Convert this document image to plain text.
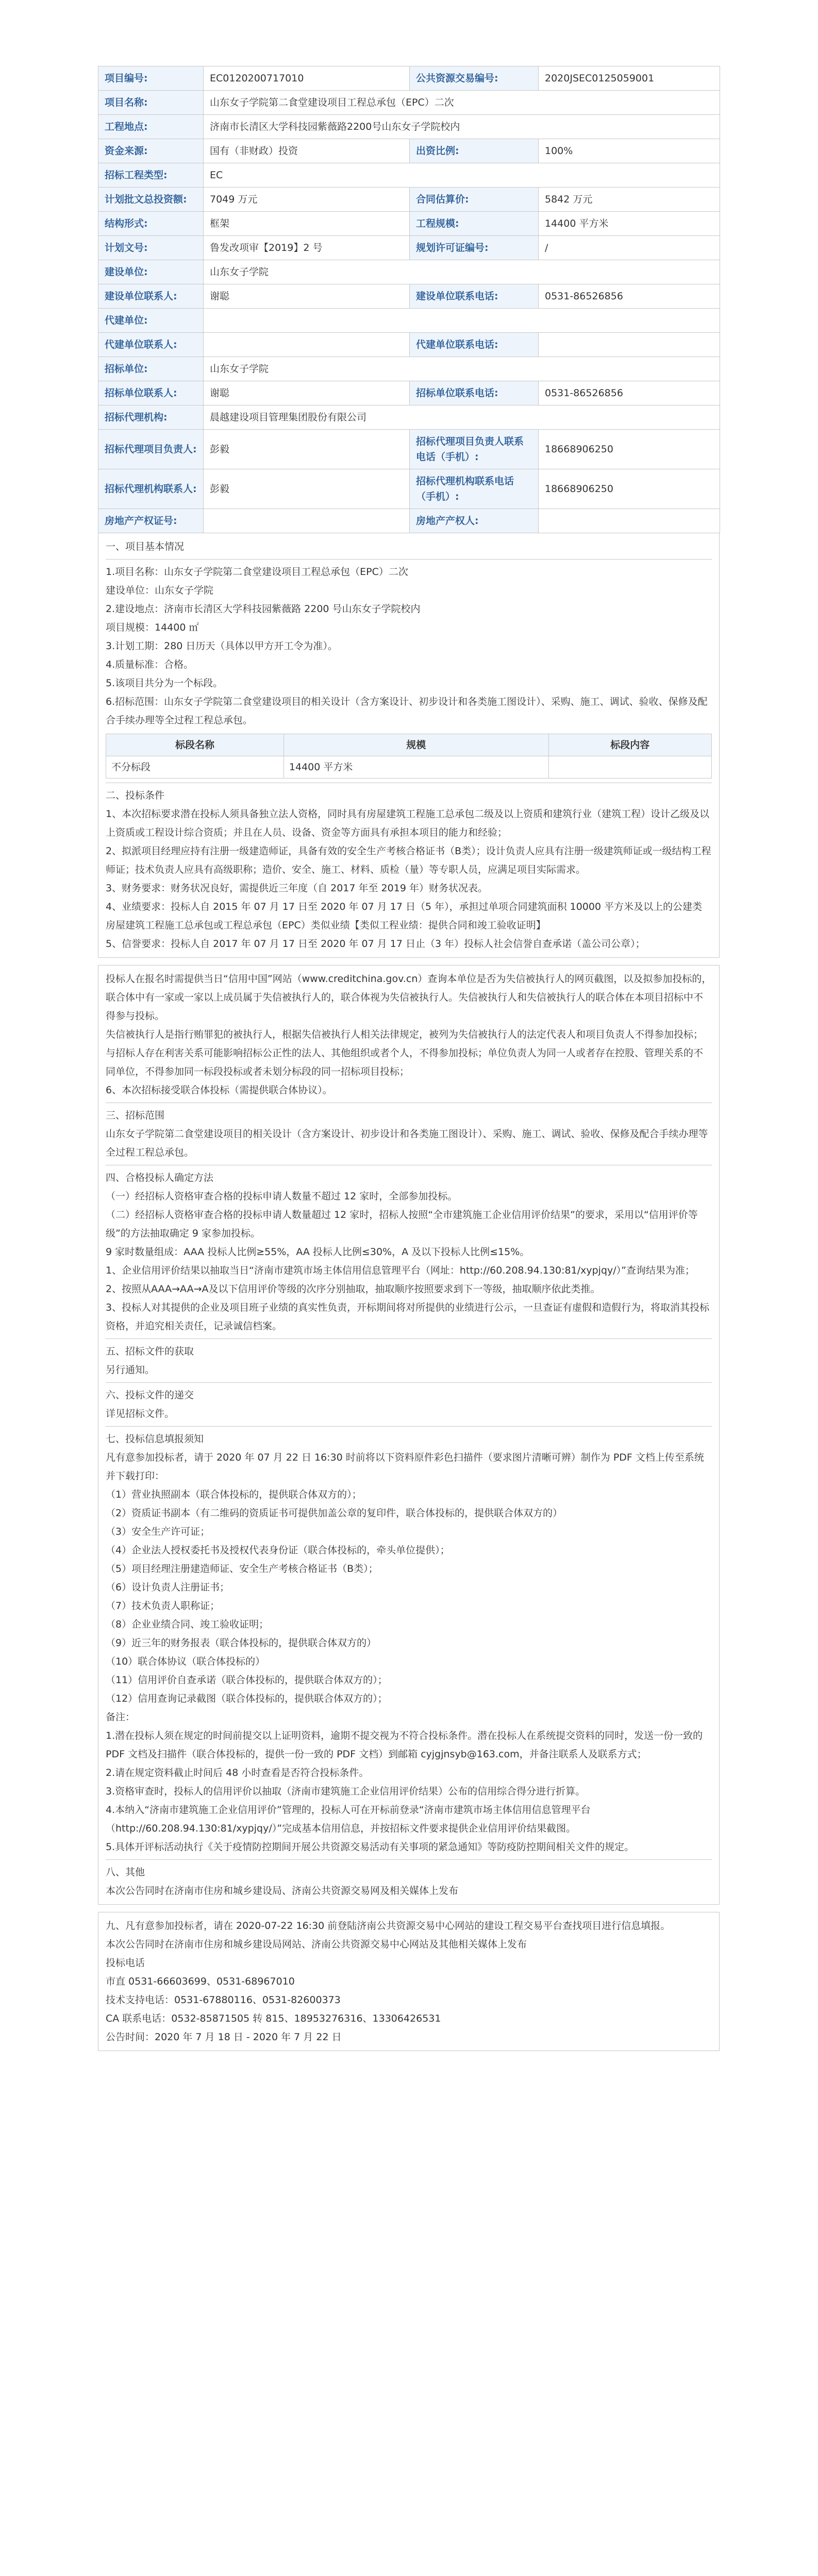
项目编号:	EC0120200717010	公共资源交易编号:	2020JSEC0125059001
项目名称:	山东女子学院第二食堂建设项目工程总承包（EPC）二次		
工程地点:	济南市长清区大学科技园紫薇路2200号山东女子学院校内		
资金来源:	国有（非财政）投资	出资比例:	100%
招标工程类型:	EC		
计划批文总投资额:	7049 万元	合同估算价:	5842 万元
结构形式:	框架	工程规模:	14400 平方米
计划文号:	鲁发改项审【2019】2 号	规划许可证编号:	/
建设单位:	山东女子学院		
建设单位联系人:	谢聪	建设单位联系电话:	0531-86526856
代建单位:			
代建单位联系人:		代建单位联系电话:	
招标单位:	山东女子学院		
招标单位联系人:	谢聪	招标单位联系电话:	0531-86526856
招标代理机构:	晨越建设项目管理集团股份有限公司		
招标代理项目负责人:	彭毅	招标代理项目负责人联系电话（手机）:	18668906250
招标代理机构联系人:	彭毅	招标代理机构联系电话（手机）:	18668906250
房地产产权证号:		房地产产权人:	

一、项目基本情况

1.项目名称：山东女子学院第二食堂建设项目工程总承包（EPC）二次

建设单位：山东女子学院

2.建设地点：济南市长清区大学科技园紫薇路 2200 号山东女子学院校内

项目规模：14400 ㎡

3.计划工期：280 日历天（具体以甲方开工令为准）。

4.质量标准：合格。

5.该项目共分为一个标段。

6.招标范围：山东女子学院第二食堂建设项目的相关设计（含方案设计、初步设计和各类施工图设计）、采购、施工、调试、验收、保修及配合手续办理等全过程工程总承包。

标段名称	规模	标段内容
不分标段	14400 平方米	

二、投标条件

1、本次招标要求潜在投标人须具备独立法人资格，同时具有房屋建筑工程施工总承包二级及以上资质和建筑行业（建筑工程）设计乙级及以上资质或工程设计综合资质；并且在人员、设备、资金等方面具有承担本项目的能力和经验；

2、拟派项目经理应持有注册一级建造师证，具备有效的安全生产考核合格证书（B类）；设计负责人应具有注册一级建筑师证或一级结构工程师证；技术负责人应具有高级职称；造价、安全、施工、材料、质检（量）等专职人员，应满足项目实际需求。

3、财务要求：财务状况良好，需提供近三年度（自 2017 年至 2019 年）财务状况表。

4、业绩要求：投标人自 2015 年 07 月 17 日至 2020 年 07 月 17 日（5 年），承担过单项合同建筑面积 10000 平方米及以上的公建类房屋建筑工程施工总承包或工程总承包（EPC）类似业绩【类似工程业绩：提供合同和竣工验收证明】

5、信誉要求：投标人自 2017 年 07 月 17 日至 2020 年 07 月 17 日止（3 年）投标人社会信誉自查承诺（盖公司公章）；

投标人在报名时需提供当日“信用中国”网站（www.creditchina.gov.cn）查询本单位是否为失信被执行人的网页截图，以及拟参加投标的，联合体中有一家或一家以上成员属于失信被执行人的，联合体视为失信被执行人。失信被执行人和失信被执行人的联合体在本项目招标中不得参与投标。

失信被执行人是指行贿罪犯的被执行人，根据失信被执行人相关法律规定，被列为失信被执行人的法定代表人和项目负责人不得参加投标；与招标人存在利害关系可能影响招标公正性的法人、其他组织或者个人，不得参加投标；单位负责人为同一人或者存在控股、管理关系的不同单位，不得参加同一标段投标或者未划分标段的同一招标项目投标；

6、本次招标接受联合体投标（需提供联合体协议）。

三、招标范围

山东女子学院第二食堂建设项目的相关设计（含方案设计、初步设计和各类施工图设计）、采购、施工、调试、验收、保修及配合手续办理等全过程工程总承包。

四、合格投标人确定方法

（一）经招标人资格审查合格的投标申请人数量不超过 12 家时，全部参加投标。

（二）经招标人资格审查合格的投标申请人数量超过 12 家时，招标人按照“全市建筑施工企业信用评价结果”的要求，采用以“信用评价等级”的方法抽取确定 9 家参加投标。

9 家时数量组成：AAA 投标人比例≥55%，AA 投标人比例≤30%，A 及以下投标人比例≤15%。

1、企业信用评价结果以抽取当日“济南市建筑市场主体信用信息管理平台（网址：http://60.208.94.130:81/xypjqy/）”查询结果为准；

2、按照从AAA→AA→A及以下信用评价等级的次序分别抽取，抽取顺序按照要求到下一等级，抽取顺序依此类推。

3、投标人对其提供的企业及项目班子业绩的真实性负责，开标期间将对所提供的业绩进行公示，一旦查证有虚假和造假行为，将取消其投标资格，并追究相关责任，记录诚信档案。

五、招标文件的获取

另行通知。

六、投标文件的递交

详见招标文件。

七、投标信息填报须知

凡有意参加投标者，请于 2020 年 07 月 22 日 16:30 时前将以下资料原件彩色扫描件（要求图片清晰可辨）制作为 PDF 文档上传至系统并下载打印：

（1）营业执照副本（联合体投标的，提供联合体双方的）；

（2）资质证书副本（有二维码的资质证书可提供加盖公章的复印件，联合体投标的，提供联合体双方的）

（3）安全生产许可证；

（4）企业法人授权委托书及授权代表身份证（联合体投标的，牵头单位提供）；

（5）项目经理注册建造师证、安全生产考核合格证书（B类）；

（6）设计负责人注册证书；

（7）技术负责人职称证；

（8）企业业绩合同、竣工验收证明；

（9）近三年的财务报表（联合体投标的，提供联合体双方的）

（10）联合体协议（联合体投标的）

（11）信用评价自查承诺（联合体投标的，提供联合体双方的）；

（12）信用查询记录截图（联合体投标的，提供联合体双方的）；

备注：

1.潜在投标人须在规定的时间前提交以上证明资料，逾期不提交视为不符合投标条件。潜在投标人在系统提交资料的同时，发送一份一致的 PDF 文档及扫描件（联合体投标的，提供一份一致的 PDF 文档）到邮箱 cyjgjnsyb@163.com，并备注联系人及联系方式；

2.请在规定资料截止时间后 48 小时查看是否符合投标条件。

3.资格审查时，投标人的信用评价以抽取（济南市建筑施工企业信用评价结果）公布的信用综合得分进行折算。

4.本纳入“济南市建筑施工企业信用评价”管理的，投标人可在开标前登录“济南市建筑市场主体信用信息管理平台（http://60.208.94.130:81/xypjqy/）”完成基本信用信息，并按招标文件要求提供企业信用评价结果截图。

5.具体开评标活动执行《关于疫情防控期间开展公共资源交易活动有关事项的紧急通知》等防疫防控期间相关文件的规定。

八、其他

本次公告同时在济南市住房和城乡建设局、济南公共资源交易网及相关媒体上发布

九、凡有意参加投标者，请在 2020-07-22 16:30 前登陆济南公共资源交易中心网站的建设工程交易平台查找项目进行信息填报。

本次公告同时在济南市住房和城乡建设局网站、济南公共资源交易中心网站及其他相关媒体上发布

投标电话

市直 0531-66603699、0531-68967010

技术支持电话：0531-67880116、0531-82600373

CA 联系电话：0532-85871505 转 815、18953276316、13306426531

公告时间：2020 年 7 月 18 日 - 2020 年 7 月 22 日
